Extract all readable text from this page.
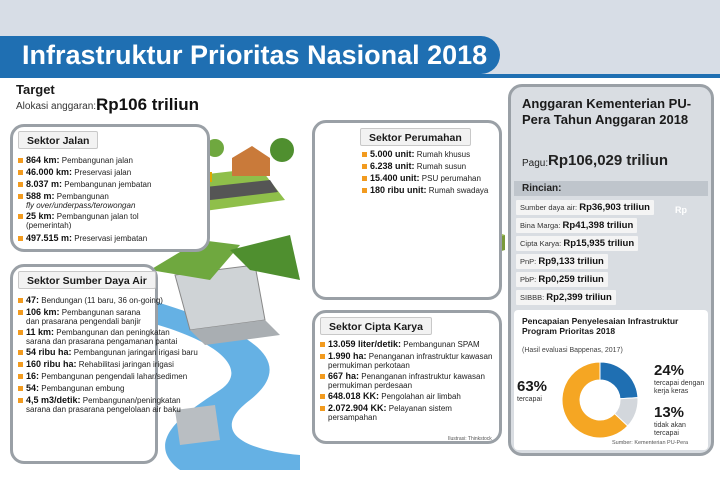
Infrastruktur Prioritas Nasional 2018
Target
Alokasi anggaran: Rp106 triliun
Sektor Jalan
864 km: Pembangunan jalan
46.000 km: Preservasi jalan
8.037 m: Pembangunan jembatan
588 m: Pembangunan
fly over/underpass/terowongan
25 km: Pembangunan jalan tol
(pemerintah)
497.515 m: Preservasi jembatan
Sektor Sumber Daya Air
47: Bendungan (11 baru, 36 on-going)
106 km: Pembangunan sarana
dan prasarana pengendali banjir
11 km: Pembangunan dan peningkatan
sarana dan prasarana pengamanan pantai
54 ribu ha: Pembangunan jaringan irigasi baru
160 ribu ha: Rehabilitasi jaringan irigasi
16: Pembangunan pengendali lahar/sedimen
54: Pembangunan embung
4,5 m3/detik: Pembangunan/peningkatan
sarana dan prasarana pengelolaan air baku
Sektor Perumahan
5.000 unit: Rumah khusus
6.238 unit: Rumah susun
15.400 unit: PSU perumahan
180 ribu unit: Rumah swadaya
Sektor Cipta Karya
13.059 liter/detik: Pembangunan SPAM
1.990 ha: Penanganan infrastruktur kawasan
permukiman perkotaan
667 ha: Penanganan infrastruktur kawasan
permukiman perdesaan
648.018 KK: Pengolahan air limbah
2.072.904 KK: Pelayanan sistem
persampahan
Ilustrasi: Thinkstock
Anggaran Kementerian PU-Pera Tahun Anggaran 2018
Pagu: Rp106,029 triliun
Rincian:
Rp
Sumber daya air: Rp36,903 triliun
Bina Marga: Rp41,398 triliun
Cipta Karya: Rp15,935 triliun
PnP: Rp9,133 triliun
PbP: Rp0,259 triliun
SIBBB: Rp2,399 triliun
Pencapaian Penyelesaian Infrastruktur Program Prioritas 2018
(Hasil evaluasi Bappenas, 2017)
63%
tercapai
24%
tercapai dengan kerja keras
13%
tidak akan tercapai
Sumber: Kementerian PU-Pera
